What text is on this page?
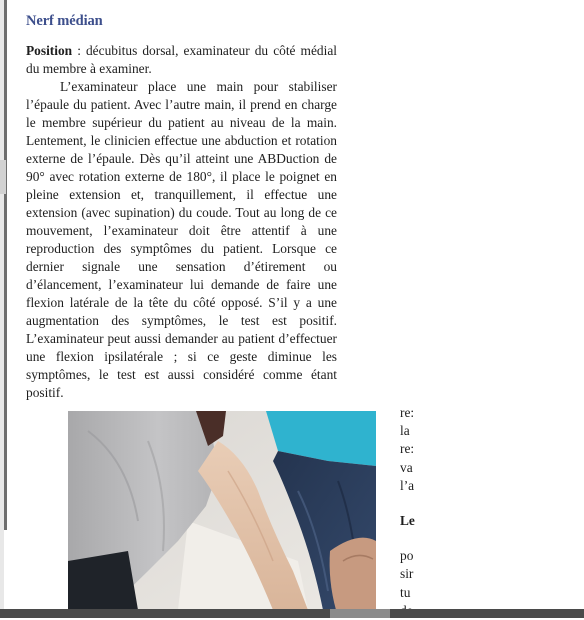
Nerf médian

Position : décubitus dorsal, examinateur du côté médial du membre à examiner.

L’examinateur place une main pour stabiliser l’épaule du patient. Avec l’autre main, il prend en charge le membre supérieur du patient au niveau de la main. Lentement, le clinicien effectue une abduction et rotation externe de l’épaule. Dès qu’il atteint une ABDuction de 90° avec rotation externe de 180°, il place le poignet en pleine extension et, tranquillement, il effectue une extension (avec supination) du coude. Tout au long de ce mouvement, l’examinateur doit être attentif à une reproduction des symptômes du patient. Lorsque ce dernier signale une sensation d’étirement ou d’élancement, l’examinateur lui demande de faire une flexion latérale de la tête du côté opposé. S’il y a une augmentation des symptômes, le test est positif. L’examinateur peut aussi demander au patient d’effectuer une flexion ipsilatérale ; si ce geste diminue les symptômes, le test est aussi considéré comme étant positif.

re:
la
re:
va
l’a
Le
po
sir
tu
